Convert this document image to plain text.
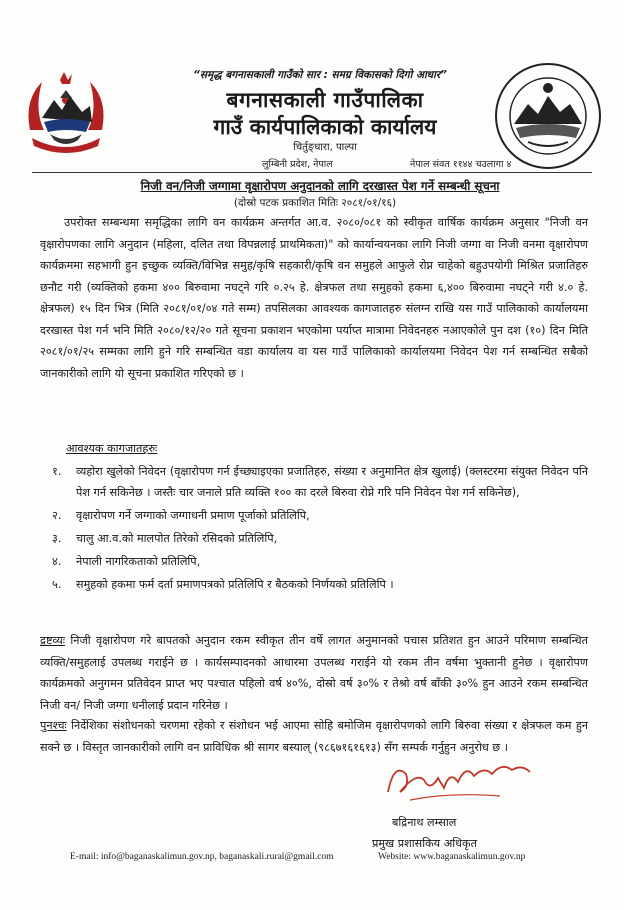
“समृद्ध बगनासकाली गाउँको सार : समग्र विकासको दिगो आधार”
बगनासकाली गाउँपालिका
गाउँ कार्यपालिकाको कार्यालय
चिर्तुङ्धारा, पाल्पा
लुम्बिनी प्रदेश, नेपाल	नेपाल संवत ११४४ चउलागा ४
निजी वन/निजी जग्गामा वृक्षारोपण अनुदानको लागि दरखास्त पेश गर्ने सम्बन्धी सूचना
(दोस्रो पटक प्रकाशित मितिः २०८१/०१/१६)
उपरोक्त सम्बन्धमा समृद्धिका लागि वन कार्यक्रम अन्तर्गत आ.व. २०८०/०८१ को स्वीकृत वार्षिक कार्यक्रम अनुसार "निजी वन वृक्षारोपणका लागि अनुदान (महिला, दलित तथा विपन्नलाई प्राथमिकता)" को कार्यान्वयनका लागि निजी जग्गा वा निजी वनमा वृक्षारोपण कार्यक्रममा सहभागी हुन इच्छुक व्यक्ति/विभिन्न समुह/कृषि सहकारी/कृषि वन समुहले आफुले रोप्न चाहेको बहुउपयोगी मिश्रित प्रजातिहरु छनौट गरी (व्यक्तिको हकमा ४०० बिरुवामा नघट्ने गरि ०.२५ हे. क्षेत्रफल तथा समुहको हकमा ६,४०० बिरुवामा नघट्ने गरी ४.० हे. क्षेत्रफल) १५ दिन भित्र (मिति २०८१/०१/०४ गते सम्म) तपसिलका आवश्यक कागजातहरु संलग्न राखि यस गाउँ पालिकाको कार्यालयमा दरखास्त पेश गर्न भनि मिति २०८०/१२/२० गते सूचना प्रकाशन भएकोमा पर्याप्त मात्रामा निवेदनहरु नआएकोले पुन दश (१०) दिन मिति २०८१/०१/२५ सम्मका लागि हुने गरि सम्बन्धित वडा कार्यालय वा यस गाउँ पालिकाको कार्यालयमा निवेदन पेश गर्न सम्बन्धित सबैको जानकारीको लागि यो सूचना प्रकाशित गरिएको छ ।
आवश्यक कागजातहरुः
१.	व्यहोरा खुलेको निवेदन (वृक्षारोपण गर्न ईच्छ्याइएका प्रजातिहरु, संख्या र अनुमानित क्षेत्र खुलाई) (क्लस्टरमा संयुक्त निवेदन पनि पेश गर्न सकिनेछ । जस्तैः चार जनाले प्रति व्यक्ति १०० का दरले बिरुवा रोप्ने गरि पनि निवेदन पेश गर्न सकिनेछ),
२.	वृक्षारोपण गर्ने जग्गाको जग्गाधनी प्रमाण पूर्जाको प्रतिलिपि,
३.	चालु आ.व.को मालपोत तिरेको रसिदको प्रतिलिपि,
४.	नेपाली नागरिकताको प्रतिलिपि,
५.	समुहको हकमा फर्म दर्ता प्रमाणपत्रको प्रतिलिपि र बैठकको निर्णयको प्रतिलिपि ।
द्रष्टव्यः निजी वृक्षारोपण गरे बापतको अनुदान रकम स्वीकृत तीन वर्षे लागत अनुमानको पचास प्रतिशत हुन आउने परिमाण सम्बन्धित व्यक्ति/समुहलाई उपलब्ध गराईने छ । कार्यसम्पादनको आधारमा उपलब्ध गराईने यो रकम तीन वर्षमा भुक्तानी हुनेछ । वृक्षारोपण कार्यक्रमको अनुगमन प्रतिवेदन प्राप्त भए पश्चात पहिलो वर्ष ४०%, दोस्रो वर्ष ३०% र तेश्रो वर्ष बाँकी ३०% हुन आउने रकम सम्बन्धित निजी वन/ निजी जग्गा धनीलाई प्रदान गरिनेछ ।
पुनश्चः निर्देशिका संशोधनको चरणमा रहेको र संशोधन भई आएमा सोहि बमोजिम वृक्षारोपणको लागि बिरुवा संख्या र क्षेत्रफल कम हुन सक्ने छ । विस्तृत जानकारीको लागि वन प्राविधिक श्री सागर बस्याल् (९८६७१६१६१३) सँग सम्पर्क गर्नुहुन अनुरोध छ ।
बद्रिनाथ लम्साल
प्रमुख प्रशासकिय अधिकृत
E-mail: info@baganaskalimun.gov.np, baganaskali.rural@gmail.com	Website: www.baganaskalimun.gov.np
